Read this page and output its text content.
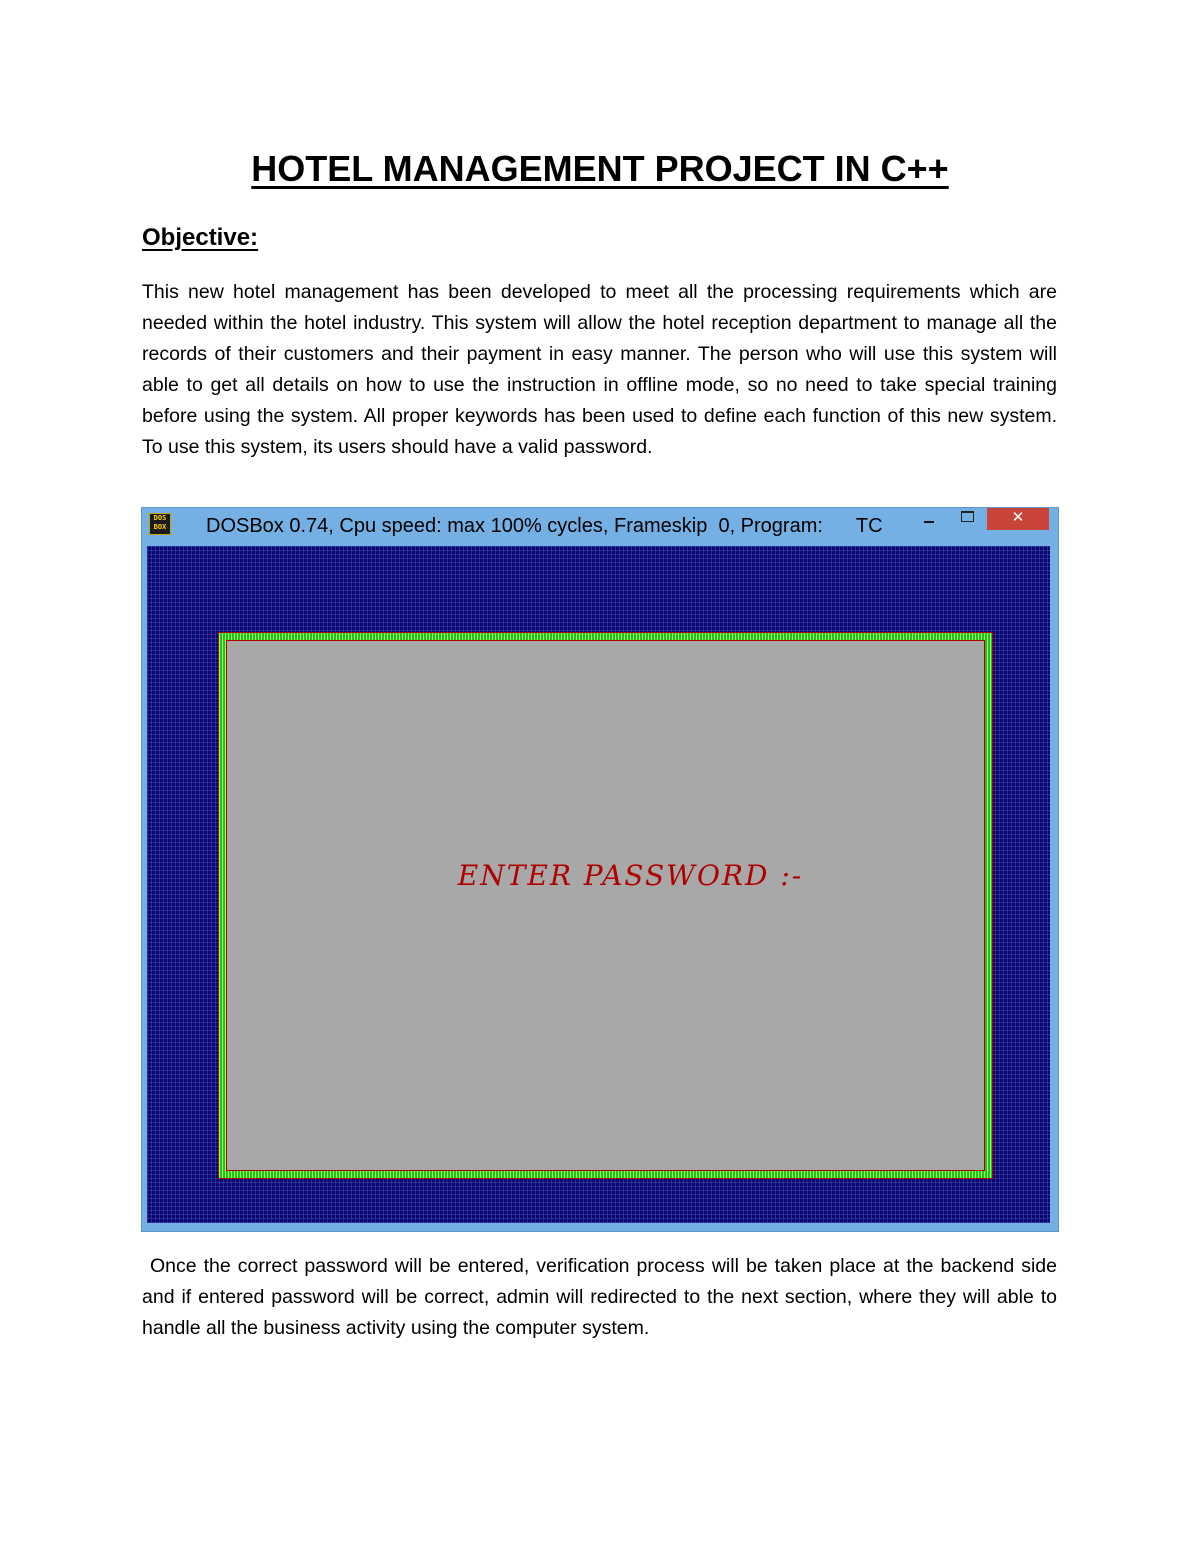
HOTEL MANAGEMENT PROJECT IN C++
Objective:

This new hotel management has been developed to meet all the processing requirements which are needed within the hotel industry. This system will allow the hotel reception department to manage all the records of their customers and their payment in easy manner. The person who will use this system will able to get all details on how to use the instruction in offline mode, so no need to take special training before using the system. All proper keywords has been used to define each function of this new system. To use this system, its users should have a valid password.

DOS
BOX DOSBox 0.74, Cpu speed: max 100% cycles, Frameskip  0, Program:      TC	✕
ENTER PASSWORD :-

Once the correct password will be entered, verification process will be taken place at the backend side and if entered password will be correct, admin will redirected to the next section, where they will able to handle all the business activity using the computer system.
